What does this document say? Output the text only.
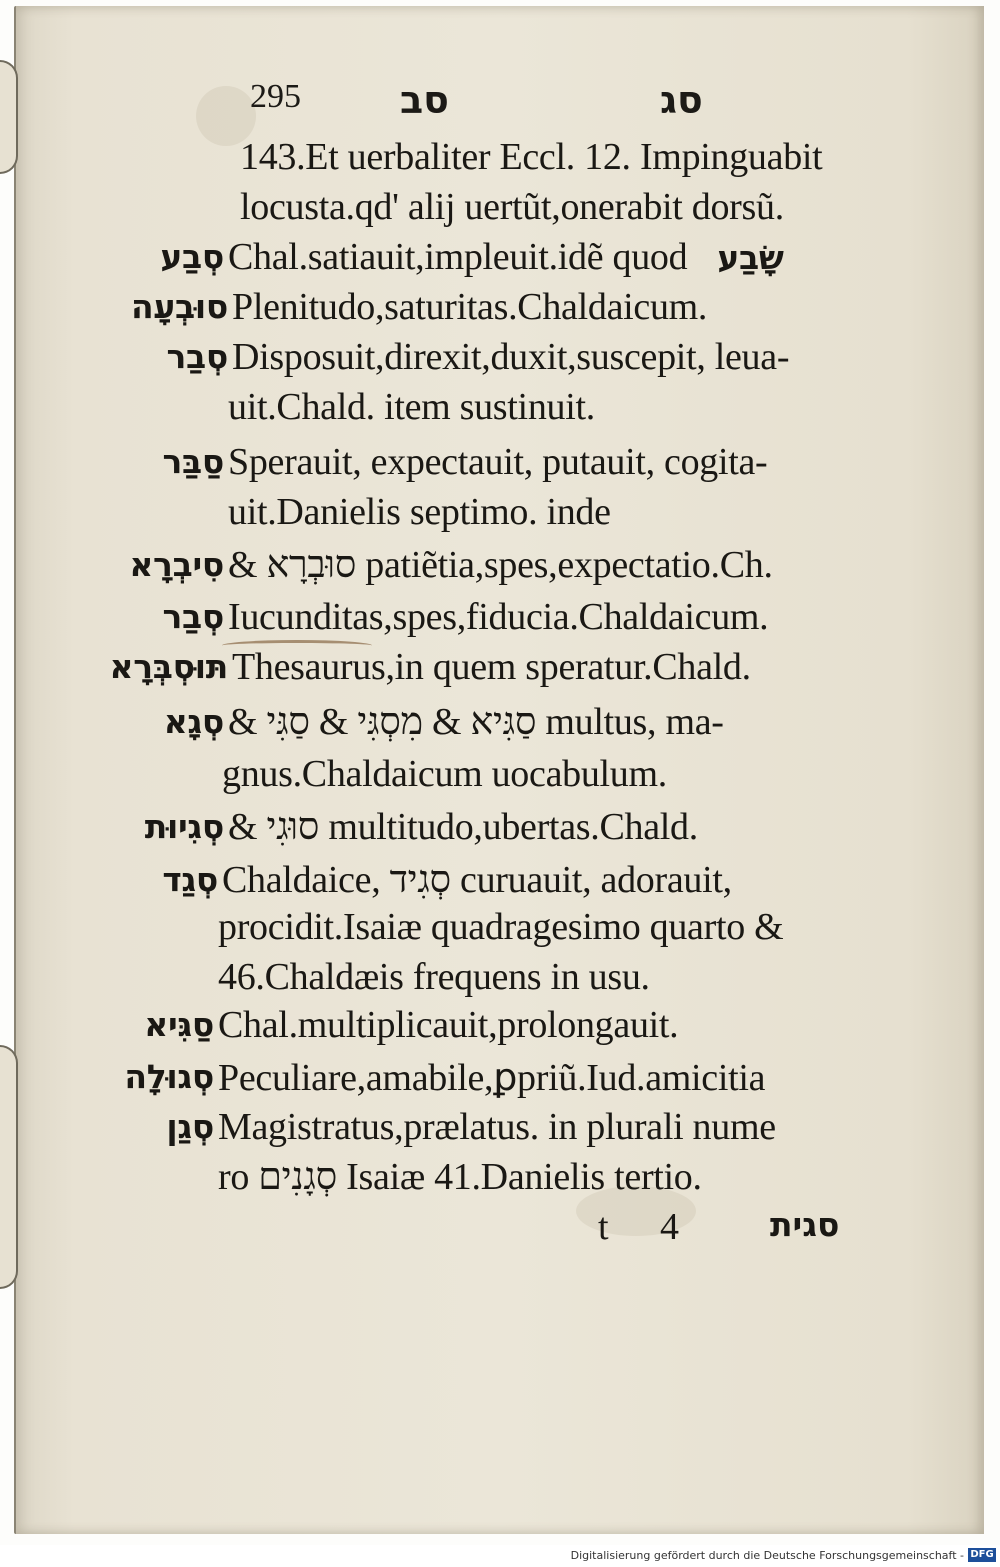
295	סב	סג
143.Et uerbaliter Eccl. 12. Impinguabit
locusta.qd' alij uertũt,onerabit dorsũ.
סְבַע Chal.satiauit,impleuit.idẽ quod שָׂבַע
סוּבְעָה Plenitudo,saturitas.Chaldaicum.
סְבַר Disposuit,direxit,duxit,suscepit, leua-
uit.Chald. item sustinuit.
סַבַּר Sperauit, expectauit, putauit, cogita-
uit.Danielis septimo. inde
סִיבְרָא & סוּבְרָא patiẽtia,spes,expectatio.Ch.
סְבַר Iucunditas,spes,fiducia.Chaldaicum.
תּוּסְבְּרָא Thesaurus,in quem speratur.Chald.
סְגָא & סַגִּיא & מִסְגִּי & סַגִּי multus, ma-
gnus.Chaldaicum uocabulum.
סְגִיוּת & סוּגִי multitudo,ubertas.Chald.
סְגַד Chaldaice, סְגִיד curuauit, adorauit,
procidit.Isaiæ quadragesimo quarto &
46.Chaldæis frequens in usu.
סַגִּיא Chal.multiplicauit,prolongauit.
סְגוּלָה Peculiare,amabile,ꝑpriũ.Iud.amicitia
סְגַן Magistratus,prælatus. in plurali nume
ro סְגָנִים Isaiæ 41.Danielis tertio.
t 4	סגית
Digitalisierung gefördert durch die Deutsche Forschungsgemeinschaft - DFG
